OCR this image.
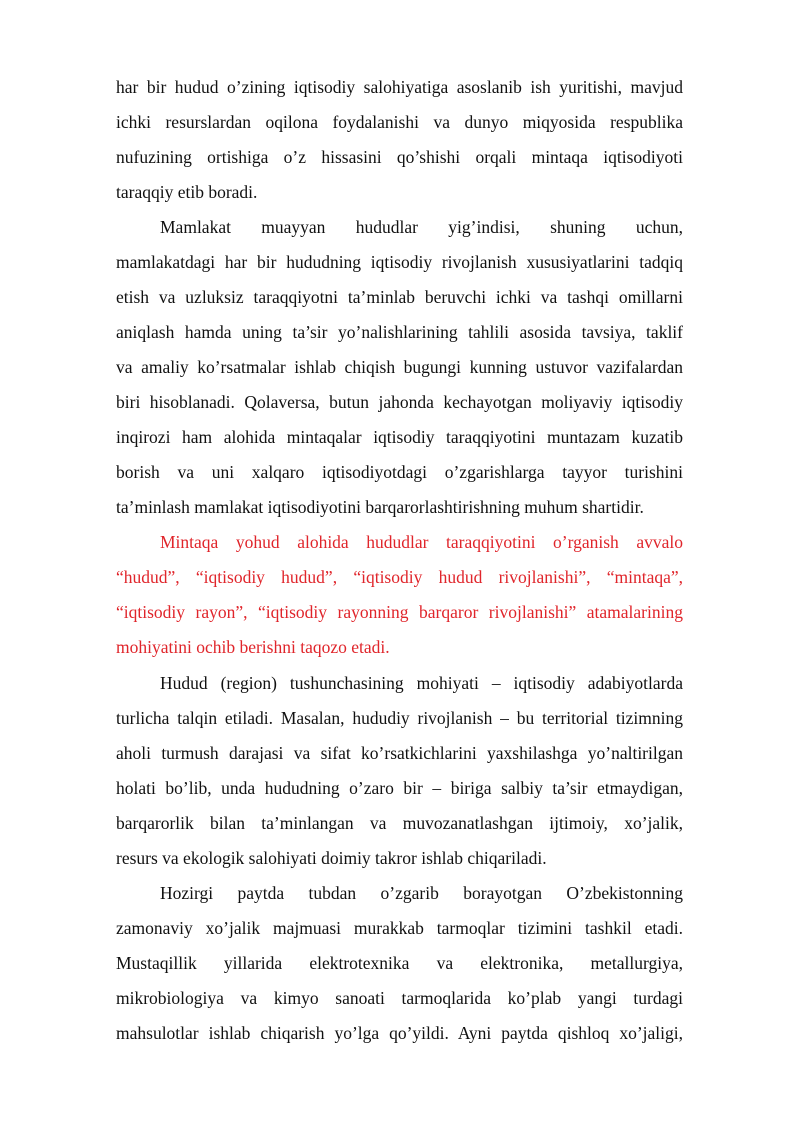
har bir hudud o’zining iqtisodiy salohiyatiga asoslanib ish yuritishi, mavjud
ichki resurslardan oqilona foydalanishi va dunyo miqyosida respublika
nufuzining ortishiga o’z hissasini qo’shishi orqali mintaqa iqtisodiyoti
taraqqiy etib boradi.
Mamlakat muayyan hududlar yig’indisi, shuning uchun,
mamlakatdagi har bir hududning iqtisodiy rivojlanish xususiyatlarini tadqiq
etish va uzluksiz taraqqiyotni ta’minlab beruvchi ichki va tashqi omillarni
aniqlash hamda uning ta’sir yo’nalishlarining tahlili asosida tavsiya, taklif
va amaliy ko’rsatmalar ishlab chiqish bugungi kunning ustuvor vazifalardan
biri hisoblanadi. Qolaversa, butun jahonda kechayotgan moliyaviy iqtisodiy
inqirozi ham alohida mintaqalar iqtisodiy taraqqiyotini muntazam kuzatib
borish va uni xalqaro iqtisodiyotdagi o’zgarishlarga tayyor turishini
ta’minlash mamlakat iqtisodiyotini barqarorlashtirishning muhum shartidir.
Mintaqa yohud alohida hududlar taraqqiyotini o’rganish avvalo
“hudud”, “iqtisodiy hudud”, “iqtisodiy hudud rivojlanishi”, “mintaqa”,
“iqtisodiy rayon”, “iqtisodiy rayonning barqaror rivojlanishi” atamalarining
mohiyatini ochib berishni taqozo etadi.
Hudud (region) tushunchasining mohiyati – iqtisodiy adabiyotlarda
turlicha talqin etiladi. Masalan, hududiy rivojlanish – bu territorial tizimning
aholi turmush darajasi va sifat ko’rsatkichlarini yaxshilashga yo’naltirilgan
holati bo’lib, unda hududning o’zaro bir – biriga salbiy ta’sir etmaydigan,
barqarorlik bilan ta’minlangan va muvozanatlashgan ijtimoiy, xo’jalik,
resurs va ekologik salohiyati doimiy takror ishlab chiqariladi.
Hozirgi paytda tubdan o’zgarib borayotgan O’zbekistonning
zamonaviy xo’jalik majmuasi murakkab tarmoqlar tizimini tashkil etadi.
Mustaqillik yillarida elektrotexnika va elektronika, metallurgiya,
mikrobiologiya va kimyo sanoati tarmoqlarida ko’plab yangi turdagi
mahsulotlar ishlab chiqarish yo’lga qo’yildi. Ayni paytda qishloq xo’jaligi,
